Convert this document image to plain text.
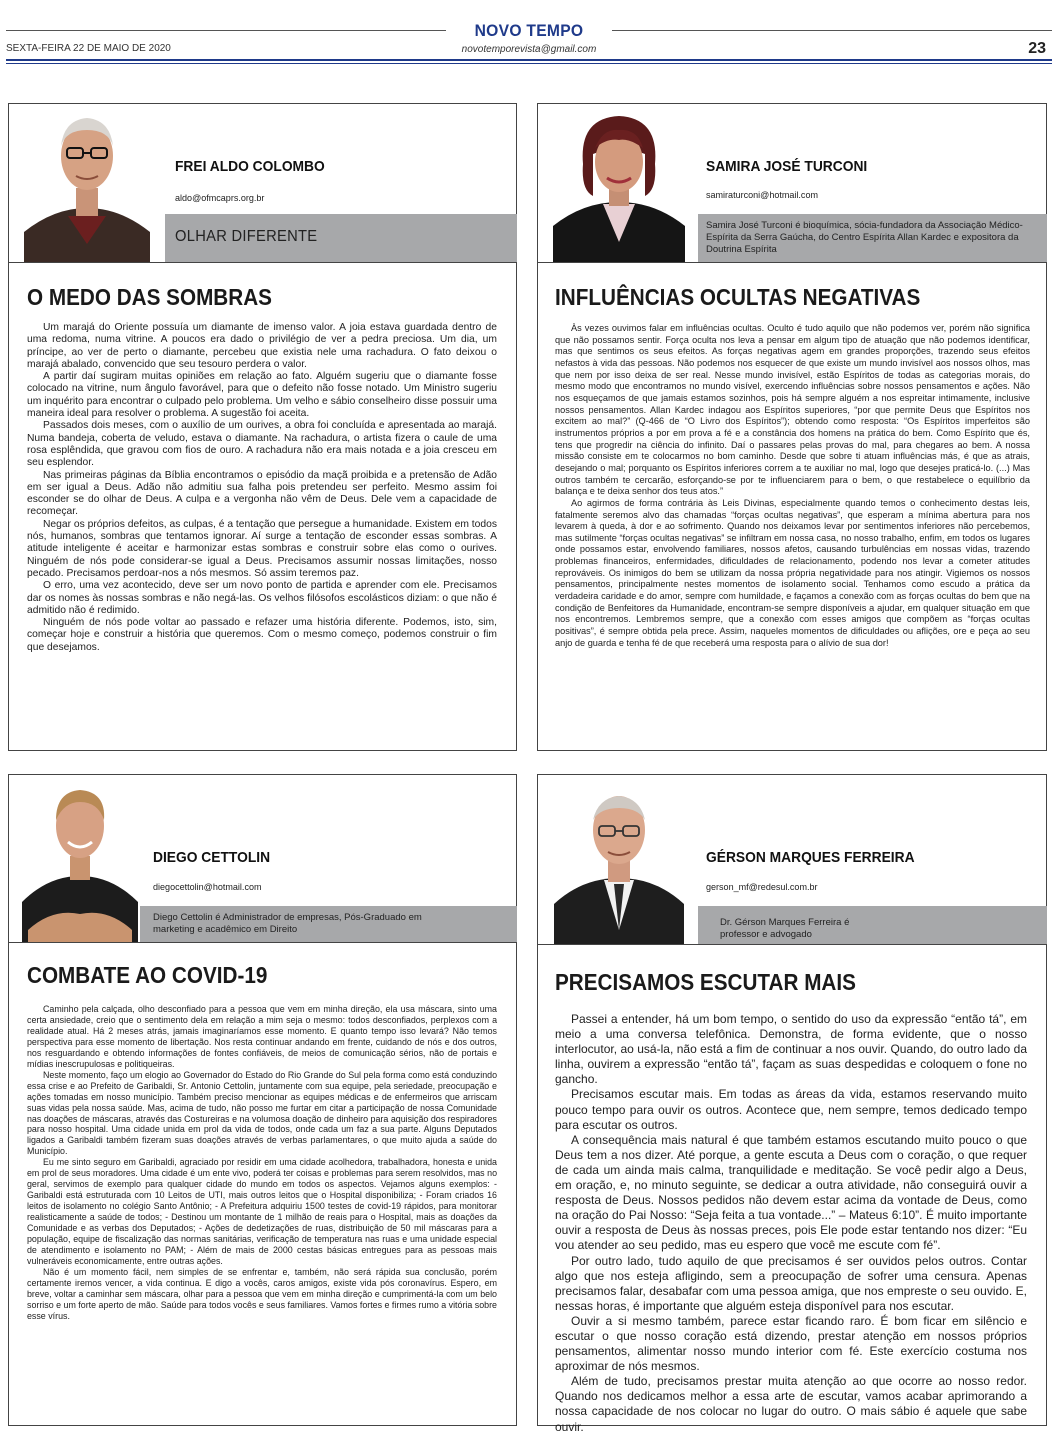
NOVO TEMPO
SEXTA-FEIRA 22 DE MAIO DE 2020	novotemporevista@gmail.com	23
FREI ALDO COLOMBO
aldo@ofmcaprs.org.br
OLHAR DIFERENTE
O MEDO DAS SOMBRAS

Um marajá do Oriente possuía um diamante de imenso valor. A joia estava guardada dentro de uma redoma, numa vitrine. A poucos era dado o privilégio de ver a pedra preciosa. Um dia, um príncipe, ao ver de perto o diamante, percebeu que existia nele uma rachadura. O fato deixou o marajá abalado, convencido que seu tesouro perdera o valor.

A partir daí sugiram muitas opiniões em relação ao fato. Alguém sugeriu que o diamante fosse colocado na vitrine, num ângulo favorável, para que o defeito não fosse notado. Um Ministro sugeriu um inquérito para encontrar o culpado pelo problema. Um velho e sábio conselheiro disse possuir uma maneira ideal para resolver o problema. A sugestão foi aceita.

Passados dois meses, com o auxílio de um ourives, a obra foi concluída e apresentada ao marajá. Numa bandeja, coberta de veludo, estava o diamante. Na rachadura, o artista fizera o caule de uma rosa esplêndida, que gravou com fios de ouro. A rachadura não era mais notada e a joia cresceu em seu esplendor.

Nas primeiras páginas da Bíblia encontramos o episódio da maçã proibida e a pretensão de Adão em ser igual a Deus. Adão não admitiu sua falha pois pretendeu ser perfeito. Mesmo assim foi esconder se do olhar de Deus. A culpa e a vergonha não vêm de Deus. Dele vem a capacidade de recomeçar.

Negar os próprios defeitos, as culpas, é a tentação que persegue a humanidade. Existem em todos nós, humanos, sombras que tentamos ignorar. Aí surge a tentação de esconder essas sombras. A atitude inteligente é aceitar e harmonizar estas sombras e construir sobre elas como o ourives. Ninguém de nós pode considerar-se igual a Deus. Precisamos assumir nossas limitações, nosso pecado. Precisamos perdoar-nos a nós mesmos. Só assim teremos paz.

O erro, uma vez acontecido, deve ser um novo ponto de partida e aprender com ele. Precisamos dar os nomes às nossas sombras e não negá-las. Os velhos filósofos escolásticos diziam: o que não é admitido não é redimido.

Ninguém de nós pode voltar ao passado e refazer uma história diferente. Podemos, isto, sim, começar hoje e construir a história que queremos. Com o mesmo começo, podemos construir o fim que desejamos.

SAMIRA JOSÉ TURCONI
samiraturconi@hotmail.com
Samira José Turconi é bioquímica, sócia-fundadora da Associação Médico-Espírita da Serra Gaúcha, do Centro Espírita Allan Kardec e expositora da Doutrina Espírita
INFLUÊNCIAS OCULTAS NEGATIVAS

Às vezes ouvimos falar em influências ocultas. Oculto é tudo aquilo que não podemos ver, porém não significa que não possamos sentir. Força oculta nos leva a pensar em algum tipo de atuação que não podemos identificar, mas que sentimos os seus efeitos. As forças negativas agem em grandes proporções, trazendo seus efeitos nefastos à vida das pessoas. Não podemos nos esquecer de que existe um mundo invisível aos nossos olhos, mas que nem por isso deixa de ser real. Nesse mundo invisível, estão Espíritos de todas as categorias morais, do mesmo modo que encontramos no mundo visível, exercendo influências sobre nossos pensamentos e ações. Não nos esqueçamos de que jamais estamos sozinhos, pois há sempre alguém a nos espreitar intimamente, inclusive nossos pensamentos. Allan Kardec indagou aos Espíritos superiores, “por que permite Deus que Espíritos nos excitem ao mal?” (Q-466 de “O Livro dos Espíritos”); obtendo como resposta: “Os Espíritos imperfeitos são instrumentos próprios a por em prova a fé e a constância dos homens na prática do bem. Como Espírito que és, tens que progredir na ciência do infinito. Daí o passares pelas provas do mal, para chegares ao bem. A nossa missão consiste em te colocarmos no bom caminho. Desde que sobre ti atuam influências más, é que as atrais, desejando o mal; porquanto os Espíritos inferiores correm a te auxiliar no mal, logo que desejes praticá-lo. (...) Mas outros também te cercarão, esforçando-se por te influenciarem para o bem, o que restabelece o equilíbrio da balança e te deixa senhor dos teus atos.”

Ao agirmos de forma contrária às Leis Divinas, especialmente quando temos o conhecimento destas leis, fatalmente seremos alvo das chamadas “forças ocultas negativas”, que esperam a mínima abertura para nos levarem à queda, à dor e ao sofrimento. Quando nos deixamos levar por sentimentos inferiores não percebemos, mas sutilmente “forças ocultas negativas” se infiltram em nossa casa, no nosso trabalho, enfim, em todos os lugares onde possamos estar, envolvendo familiares, nossos afetos, causando turbulências em nossas vidas, trazendo problemas financeiros, enfermidades, dificuldades de relacionamento, podendo nos levar a cometer atitudes reprováveis. Os inimigos do bem se utilizam da nossa própria negatividade para nos atingir. Vigiemos os nossos pensamentos, principalmente nestes momentos de isolamento social. Tenhamos como escudo a prática da verdadeira caridade e do amor, sempre com humildade, e façamos a conexão com as forças ocultas do bem que na condição de Benfeitores da Humanidade, encontram-se sempre disponíveis a ajudar, em qualquer situação em que nos encontremos. Lembremos sempre, que a conexão com esses amigos que compõem as “forças ocultas positivas”, é sempre obtida pela prece. Assim, naqueles momentos de dificuldades ou aflições, ore e peça ao seu anjo de guarda e tenha fé de que receberá uma resposta para o alívio de sua dor!

DIEGO CETTOLIN
diegocettolin@hotmail.com
Diego Cettolin é Administrador de empresas, Pós-Graduado em marketing e acadêmico em Direito
COMBATE AO COVID-19

Caminho pela calçada, olho desconfiado para a pessoa que vem em minha direção, ela usa máscara, sinto uma certa ansiedade, creio que o sentimento dela em relação a mim seja o mesmo: todos desconfiados, perplexos com a realidade atual. Há 2 meses atrás, jamais imaginaríamos esse momento. E quanto tempo isso levará? Não temos perspectiva para esse momento de libertação. Nos resta continuar andando em frente, cuidando de nós e dos outros, nos resguardando e obtendo informações de fontes confiáveis, de meios de comunicação sérios, não de portais e mídias inescrupulosas e politiqueiras.

Neste momento, faço um elogio ao Governador do Estado do Rio Grande do Sul pela forma como está conduzindo essa crise e ao Prefeito de Garibaldi, Sr. Antonio Cettolin, juntamente com sua equipe, pela seriedade, preocupação e ações tomadas em nosso município. Também preciso mencionar as equipes médicas e de enfermeiros que arriscam suas vidas pela nossa saúde. Mas, acima de tudo, não posso me furtar em citar a participação de nossa Comunidade nas doações de máscaras, através das Costureiras e na volumosa doação de dinheiro para aquisição dos respiradores para nosso hospital. Uma cidade unida em prol da vida de todos, onde cada um faz a sua parte. Alguns Deputados ligados a Garibaldi também fizeram suas doações através de verbas parlamentares, o que muito ajuda a saúde do Município.

Eu me sinto seguro em Garibaldi, agraciado por residir em uma cidade acolhedora, trabalhadora, honesta e unida em prol de seus moradores. Uma cidade é um ente vivo, poderá ter coisas e problemas para serem resolvidos, mas no geral, servimos de exemplo para qualquer cidade do mundo em todos os aspectos. Vejamos alguns exemplos: - Garibaldi está estruturada com 10 Leitos de UTI, mais outros leitos que o Hospital disponibiliza; - Foram criados 16 leitos de isolamento no colégio Santo Antônio; - A Prefeitura adquiriu 1500 testes de covid-19 rápidos, para monitorar realisticamente a saúde de todos; - Destinou um montante de 1 milhão de reais para o Hospital, mais as doações da Comunidade e as verbas dos Deputados; - Ações de dedetizações de ruas, distribuição de 50 mil máscaras para a população, equipe de fiscalização das normas sanitárias, verificação de temperatura nas ruas e uma unidade especial de atendimento e isolamento no PAM; - Além de mais de 2000 cestas básicas entregues para as pessoas mais vulneráveis economicamente, entre outras ações.

Não é um momento fácil, nem simples de se enfrentar e, também, não será rápida sua conclusão, porém certamente iremos vencer, a vida continua. E digo a vocês, caros amigos, existe vida pós coronavírus. Espero, em breve, voltar a caminhar sem máscara, olhar para a pessoa que vem em minha direção e cumprimentá-la com um belo sorriso e um forte aperto de mão. Saúde para todos vocês e seus familiares. Vamos fortes e firmes rumo a vitória sobre esse vírus.

GÉRSON MARQUES FERREIRA
gerson_mf@redesul.com.br
Dr. Gérson Marques Ferreira é professor e advogado
PRECISAMOS ESCUTAR MAIS

Passei a entender, há um bom tempo, o sentido do uso da expressão “então tá”, em meio a uma conversa telefônica. Demonstra, de forma evidente, que o nosso interlocutor, ao usá-la, não está a fim de continuar a nos ouvir. Quando, do outro lado da linha, ouvirem a expressão “então tá”, façam as suas despedidas e coloquem o fone no gancho.

Precisamos escutar mais. Em todas as áreas da vida, estamos reservando muito pouco tempo para ouvir os outros. Acontece que, nem sempre, temos dedicado tempo para escutar os outros.

A consequência mais natural é que também estamos escutando muito pouco o que Deus tem a nos dizer. Até porque, a gente escuta a Deus com o coração, o que requer de cada um ainda mais calma, tranquilidade e meditação. Se você pedir algo a Deus, em oração, e, no minuto seguinte, se dedicar a outra atividade, não conseguirá ouvir a resposta de Deus. Nossos pedidos não devem estar acima da vontade de Deus, como na oração do Pai Nosso: “Seja feita a tua vontade...” – Mateus 6:10”. É muito importante ouvir a resposta de Deus às nossas preces, pois Ele pode estar tentando nos dizer: “Eu vou atender ao seu pedido, mas eu espero que você me escute com fé”.

Por outro lado, tudo aquilo de que precisamos é ser ouvidos pelos outros. Contar algo que nos esteja afligindo, sem a preocupação de sofrer uma censura. Apenas precisamos falar, desabafar com uma pessoa amiga, que nos empreste o seu ouvido. E, nessas horas, é importante que alguém esteja disponível para nos escutar.

Ouvir a si mesmo também, parece estar ficando raro. É bom ficar em silêncio e escutar o que nosso coração está dizendo, prestar atenção em nossos próprios pensamentos, alimentar nosso mundo interior com fé. Este exercício costuma nos aproximar de nós mesmos.

Além de tudo, precisamos prestar muita atenção ao que ocorre ao nosso redor. Quando nos dedicamos melhor a essa arte de escutar, vamos acabar aprimorando a nossa capacidade de nos colocar no lugar do outro. O mais sábio é aquele que sabe ouvir.
